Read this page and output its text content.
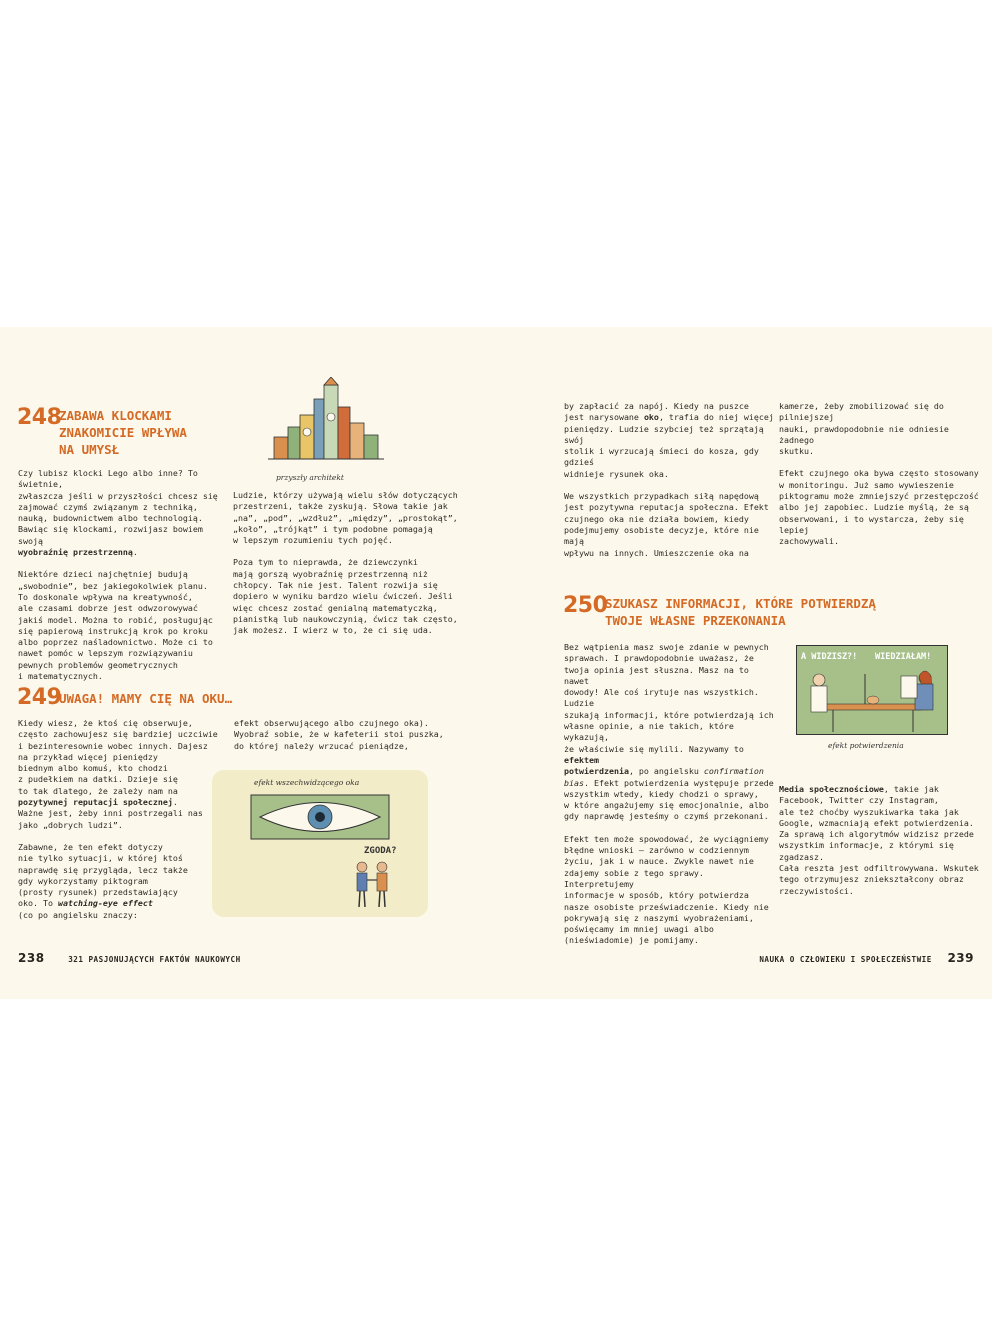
248

ZABAWA KLOCKAMI
ZNAKOMICIE WPŁYWA
NA UMYSŁ

przyszły architekt

Czy lubisz klocki Lego albo inne? To świetnie,
zwłaszcza jeśli w przyszłości chcesz się
zajmować czymś związanym z techniką,
nauką, budownictwem albo technologią.
Bawiąc się klockami, rozwijasz bowiem swoją
wyobraźnię przestrzenną.

Niektóre dzieci najchętniej budują
„swobodnie”, bez jakiegokolwiek planu.
To doskonale wpływa na kreatywność,
ale czasami dobrze jest odwzorowywać
jakiś model. Można to robić, posługując
się papierową instrukcją krok po kroku
albo poprzez naśladownictwo. Może ci to
nawet pomóc w lepszym rozwiązywaniu
pewnych problemów geometrycznych
i matematycznych.

Ludzie, którzy używają wielu słów dotyczących
przestrzeni, także zyskują. Słowa takie jak
„na”, „pod”, „wzdłuż”, „między”, „prostokąt”,
„koło”, „trójkąt” i tym podobne pomagają
w lepszym rozumieniu tych pojęć.

Poza tym to nieprawda, że dziewczynki
mają gorszą wyobraźnię przestrzenną niż
chłopcy. Tak nie jest. Talent rozwija się
dopiero w wyniku bardzo wielu ćwiczeń. Jeśli
więc chcesz zostać genialną matematyczką,
pianistką lub naukowczynią, ćwicz tak często,
jak możesz. I wierz w to, że ci się uda.

249

UWAGA! MAMY CIĘ NA OKU…

Kiedy wiesz, że ktoś cię obserwuje,
często zachowujesz się bardziej uczciwie
i bezinteresownie wobec innych. Dajesz
na przykład więcej pieniędzy
biednym albo komuś, kto chodzi
z pudełkiem na datki. Dzieje się
to tak dlatego, że zależy nam na
pozytywnej reputacji społecznej.
Ważne jest, żeby inni postrzegali nas
jako „dobrych ludzi”.

Zabawne, że ten efekt dotyczy
nie tylko sytuacji, w której ktoś
naprawdę się przygląda, lecz także
gdy wykorzystamy piktogram
(prosty rysunek) przedstawiający
oko. To watching-eye effect
(co po angielsku znaczy:

efekt obserwującego albo czujnego oka).
Wyobraź sobie, że w kafeterii stoi puszka,
do której należy wrzucać pieniądze,

efekt wszechwidzącego oka
ZGODA?
238	321 PASJONUJĄCYCH FAKTÓW NAUKOWYCH

by zapłacić za napój. Kiedy na puszce
jest narysowane oko, trafia do niej więcej
pieniędzy. Ludzie szybciej też sprzątają swój
stolik i wyrzucają śmieci do kosza, gdy gdzieś
widnieje rysunek oka.

We wszystkich przypadkach siłą napędową
jest pozytywna reputacja społeczna. Efekt
czujnego oka nie działa bowiem, kiedy
podejmujemy osobiste decyzje, które nie mają
wpływu na innych. Umieszczenie oka na

kamerze, żeby zmobilizować się do pilniejszej
nauki, prawdopodobnie nie odniesie żadnego
skutku.

Efekt czujnego oka bywa często stosowany
w monitoringu. Już samo wywieszenie
piktogramu może zmniejszyć przestępczość
albo jej zapobiec. Ludzie myślą, że są
obserwowani, i to wystarcza, żeby się lepiej
zachowywali.

250

SZUKASZ INFORMACJI, KTÓRE POTWIERDZĄ
TWOJE WŁASNE PRZEKONANIA

Bez wątpienia masz swoje zdanie w pewnych
sprawach. I prawdopodobnie uważasz, że
twoja opinia jest słuszna. Masz na to nawet
dowody! Ale coś irytuje nas wszystkich. Ludzie
szukają informacji, które potwierdzają ich
własne opinie, a nie takich, które wykazują,
że właściwie się mylili. Nazywamy to efektem
potwierdzenia, po angielsku confirmation
bias. Efekt potwierdzenia występuje przede
wszystkim wtedy, kiedy chodzi o sprawy,
w które angażujemy się emocjonalnie, albo
gdy naprawdę jesteśmy o czymś przekonani.

Efekt ten może spowodować, że wyciągniemy
błędne wnioski – zarówno w codziennym
życiu, jak i w nauce. Zwykle nawet nie
zdajemy sobie z tego sprawy. Interpretujemy
informacje w sposób, który potwierdza
nasze osobiste przeświadczenie. Kiedy nie
pokrywają się z naszymi wyobrażeniami,
poświęcamy im mniej uwagi albo
(nieświadomie) je pomijamy.

A WIDZISZ?! WIEDZIAŁAM!
efekt potwierdzenia

Media społecznościowe, takie jak
Facebook, Twitter czy Instagram,
ale też choćby wyszukiwarka taka jak
Google, wzmacniają efekt potwierdzenia.
Za sprawą ich algorytmów widzisz przede
wszystkim informacje, z którymi się zgadzasz.
Cała reszta jest odfiltrowywana. Wskutek
tego otrzymujesz zniekształcony obraz
rzeczywistości.

NAUKA O CZŁOWIEKU I SPOŁECZEŃSTWIE 239
